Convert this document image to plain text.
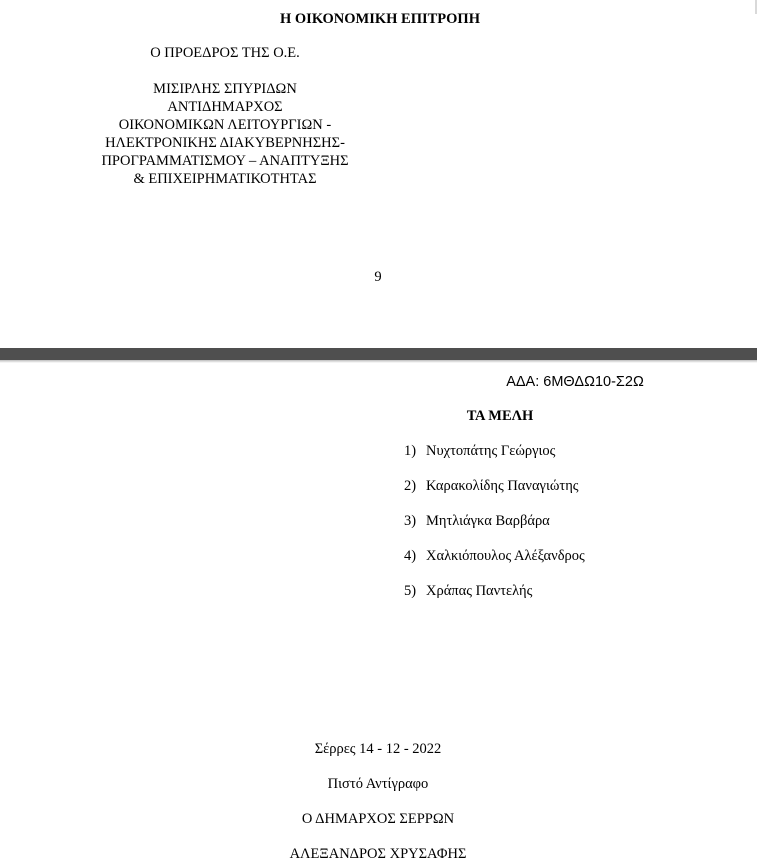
Η ΟΙΚΟΝΟΜΙΚΗ ΕΠΙΤΡΟΠΗ
Ο ΠΡΟΕΔΡΟΣ ΤΗΣ Ο.Ε.
ΜΙΣΙΡΛΗΣ ΣΠΥΡΙΔΩΝ
ΑΝΤΙΔΗΜΑΡΧΟΣ
ΟΙΚΟΝΟΜΙΚΩΝ ΛΕΙΤΟΥΡΓΙΩΝ -
ΗΛΕΚΤΡΟΝΙΚΗΣ ΔΙΑΚΥΒΕΡΝΗΣΗΣ-
ΠΡΟΓΡΑΜΜΑΤΙΣΜΟΥ – ΑΝΑΠΤΥΞΗΣ
& ΕΠΙΧΕΙΡΗΜΑΤΙΚΟΤΗΤΑΣ
9
ΑΔΑ: 6ΜΘΔΩ10-Σ2Ω
ΤΑ ΜΕΛΗ
1) Νυχτοπάτης Γεώργιος
2) Καρακολίδης Παναγιώτης
3) Μητλιάγκα Βαρβάρα
4) Χαλκιόπουλος Αλέξανδρος
5) Χράπας Παντελής
Σέρρες 14 - 12 - 2022
Πιστό Αντίγραφο
Ο ΔΗΜΑΡΧΟΣ ΣΕΡΡΩΝ
ΑΛΕΞΑΝΔΡΟΣ ΧΡΥΣΑΦΗΣ
